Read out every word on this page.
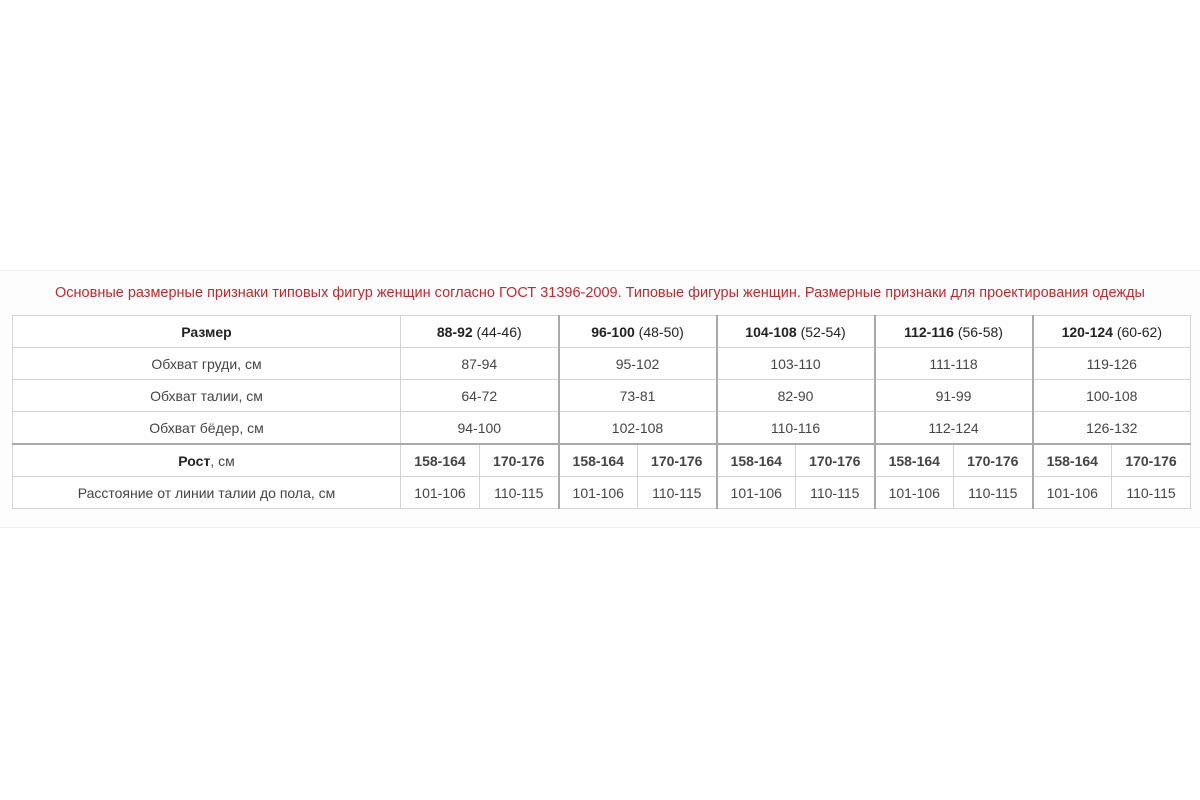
Основные размерные признаки типовых фигур женщин согласно ГОСТ 31396-2009. Типовые фигуры женщин. Размерные признаки для проектирования одежды
Размер	88-92 (44-46)		96-100 (48-50)		104-108 (52-54)		112-116 (56-58)		120-124 (60-62)	
Обхват груди, см	87-94		95-102		103-110		111-118		119-126	
Обхват талии, см	64-72		73-81		82-90		91-99		100-108	
Обхват бёдер, см	94-100		102-108		110-116		112-124		126-132	
Рост, см	158-164	170-176	158-164	170-176	158-164	170-176	158-164	170-176	158-164	170-176
Расстояние от линии талии до пола, см	101-106	110-115	101-106	110-115	101-106	110-115	101-106	110-115	101-106	110-115
